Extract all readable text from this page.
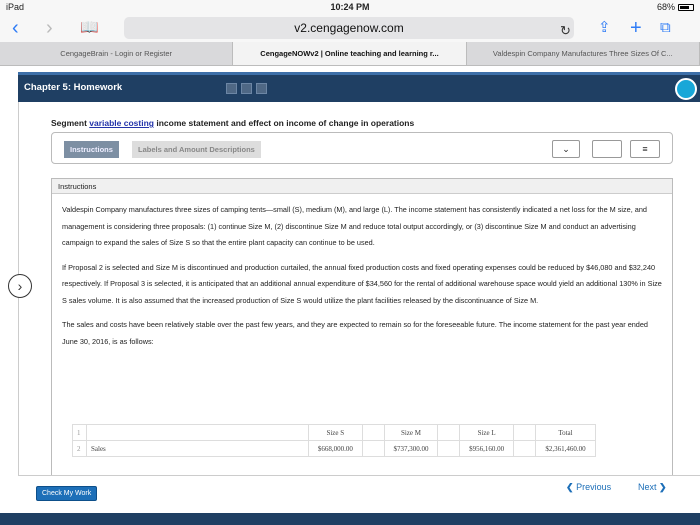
iPad	10:24 PM	68%
‹ › 📖	v2.cengagenow.com	↻ ⇪ + ⧉
CengageBrain - Login or Register	CengageNOWv2 | Online teaching and learning r...	Valdespin Company Manufactures Three Sizes Of C...
Chapter 5: Homework
Segment variable costing income statement and effect on income of change in operations
Instructions	Labels and Amount Descriptions	⌄	≡
Instructions

Valdespin Company manufactures three sizes of camping tents—small (S), medium (M), and large (L). The income statement has consistently indicated a net loss for the M size, and management is considering three proposals: (1) continue Size M, (2) discontinue Size M and reduce total output accordingly, or (3) discontinue Size M and conduct an advertising campaign to expand the sales of Size S so that the entire plant capacity can continue to be used.

If Proposal 2 is selected and Size M is discontinued and production curtailed, the annual fixed production costs and fixed operating expenses could be reduced by $46,080 and $32,240 respectively. If Proposal 3 is selected, it is anticipated that an additional annual expenditure of $34,560 for the rental of additional warehouse space would yield an additional 130% in Size S sales volume. It is also assumed that the increased production of Size S would utilize the plant facilities released by the discontinuance of Size M.

The sales and costs have been relatively stable over the past few years, and they are expected to remain so for the foreseeable future. The income statement for the past year ended June 30, 2016, is as follows:

1		Size S		Size M		Size L		Total
2	Sales	$668,000.00		$737,300.00		$956,160.00		$2,361,460.00
›
Check My Work
❮ Previous	Next ❯
